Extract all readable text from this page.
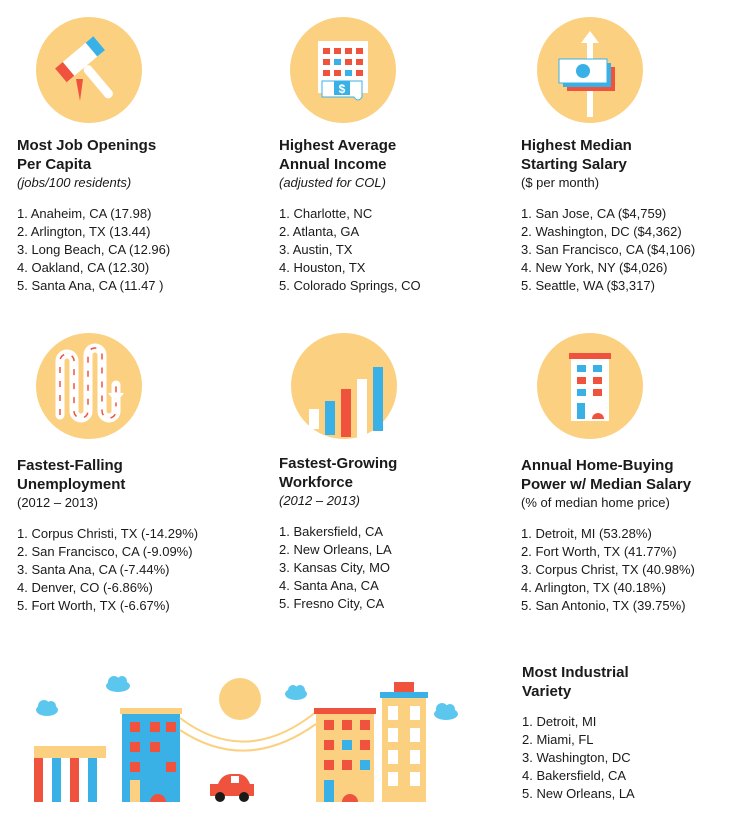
Most Job Openings
Per Capita

(jobs/100 residents)

1. Anaheim, CA (17.98)
2. Arlington, TX (13.44)
3. Long Beach, CA (12.96)
4. Oakland, CA (12.30)
5. Santa Ana, CA (11.47 )
$

Highest Average
Annual Income

(adjusted for COL)

1. Charlotte, NC
2. Atlanta, GA
3. Austin, TX
4. Houston, TX
5. Colorado Springs, CO

Highest Median
Starting Salary

($ per month)

1. San Jose, CA ($4,759)
2. Washington, DC ($4,362)
3. San Francisco, CA ($4,106)
4. New York, NY ($4,026)
5. Seattle, WA ($3,317)

Fastest-Falling
Unemployment

(2012 – 2013)

1. Corpus Christi, TX (-14.29%)
2. San Francisco, CA (-9.09%)
3. Santa Ana, CA (-7.44%)
4. Denver, CO (-6.86%)
5. Fort Worth, TX (-6.67%)

Fastest-Growing
Workforce

(2012 – 2013)

1. Bakersfield, CA
2. New Orleans, LA
3. Kansas City, MO
4. Santa Ana, CA
5. Fresno City, CA

Annual Home-Buying
Power w/ Median Salary

(% of median home price)

1. Detroit, MI (53.28%)
2. Fort Worth, TX (41.77%)
3. Corpus Christ, TX (40.98%)
4. Arlington, TX (40.18%)
5. San Antonio, TX (39.75%)

Most Industrial
Variety

1. Detroit, MI
2. Miami, FL
3. Washington, DC
4. Bakersfield, CA
5. New Orleans, LA
